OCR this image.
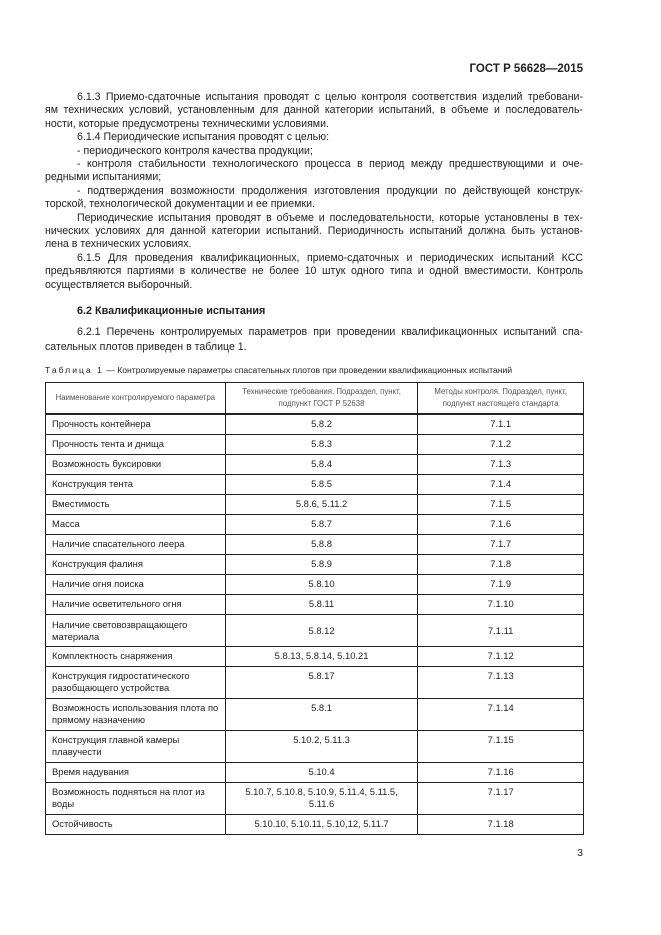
ГОСТ Р 56628—2015
6.1.3 Приемо-сдаточные испытания проводят с целью контроля соответствия изделий требовани-
ям технических условий, установленным для данной категории испытаний, в объеме и последователь-
ности, которые предусмотрены техническими условиями.
6.1.4 Периодические испытания проводят с целью:
- периодического контроля качества продукции;
- контроля стабильности технологического процесса в период между предшествующими и оче-
редными испытаниями;
- подтверждения возможности продолжения изготовления продукции по действующей конструк-
торской, технологической документации и ее приемки.
Периодические испытания проводят в объеме и последовательности, которые установлены в тех-
нических условиях для данной категории испытаний. Периодичность испытаний должна быть установ-
лена в технических условиях.
6.1.5 Для проведения квалификационных, приемо-сдаточных и периодических испытаний КСС
предъявляются партиями в количестве не более 10 штук одного типа и одной вместимости. Контроль
осуществляется выборочный.
6.2 Квалификационные испытания
6.2.1 Перечень контролируемых параметров при проведении квалификационных испытаний спа-
сательных плотов приведен в таблице 1.
Таблица 1 — Контролируемые параметры спасательных плотов при проведении квалификационных испытаний
Наименование контролируемого параметра	Технические требования. Подраздел, пункт, подпункт ГОСТ Р 52638	Методы контроля. Подраздел, пункт, подпункт настоящего стандарта
Прочность контейнера	5.8.2	7.1.1
Прочность тента и днища	5.8.3	7.1.2
Возможность буксировки	5.8.4	7.1.3
Конструкция тента	5.8.5	7.1.4
Вместимость	5.8.6, 5.11.2	7.1.5
Масса	5.8.7	7.1.6
Наличие спасательного леера	5.8.8	7.1.7
Конструкция фалиня	5.8.9	7.1.8
Наличие огня поиска	5.8.10	7.1.9
Наличие осветительного огня	5.8.11	7.1.10
Наличие световозвращающего материала	5.8.12	7.1.11
Комплектность снаряжения	5.8.13, 5.8.14, 5.10.21	7.1.12
Конструкция гидростатического разобщающего устройства	5.8.17	7.1.13
Возможность использования плота по прямому назначению	5.8.1	7.1.14
Конструкция главной камеры плавучести	5.10.2, 5.11.3	7.1.15
Время надувания	5.10.4	7.1.16
Возможность подняться на плот из воды	5.10.7, 5.10.8, 5.10.9, 5.11.4, 5.11.5, 5.11.6	7.1.17
Остойчивость	5.10.10, 5.10.11, 5.10,12, 5.11.7	7.1.18
3
